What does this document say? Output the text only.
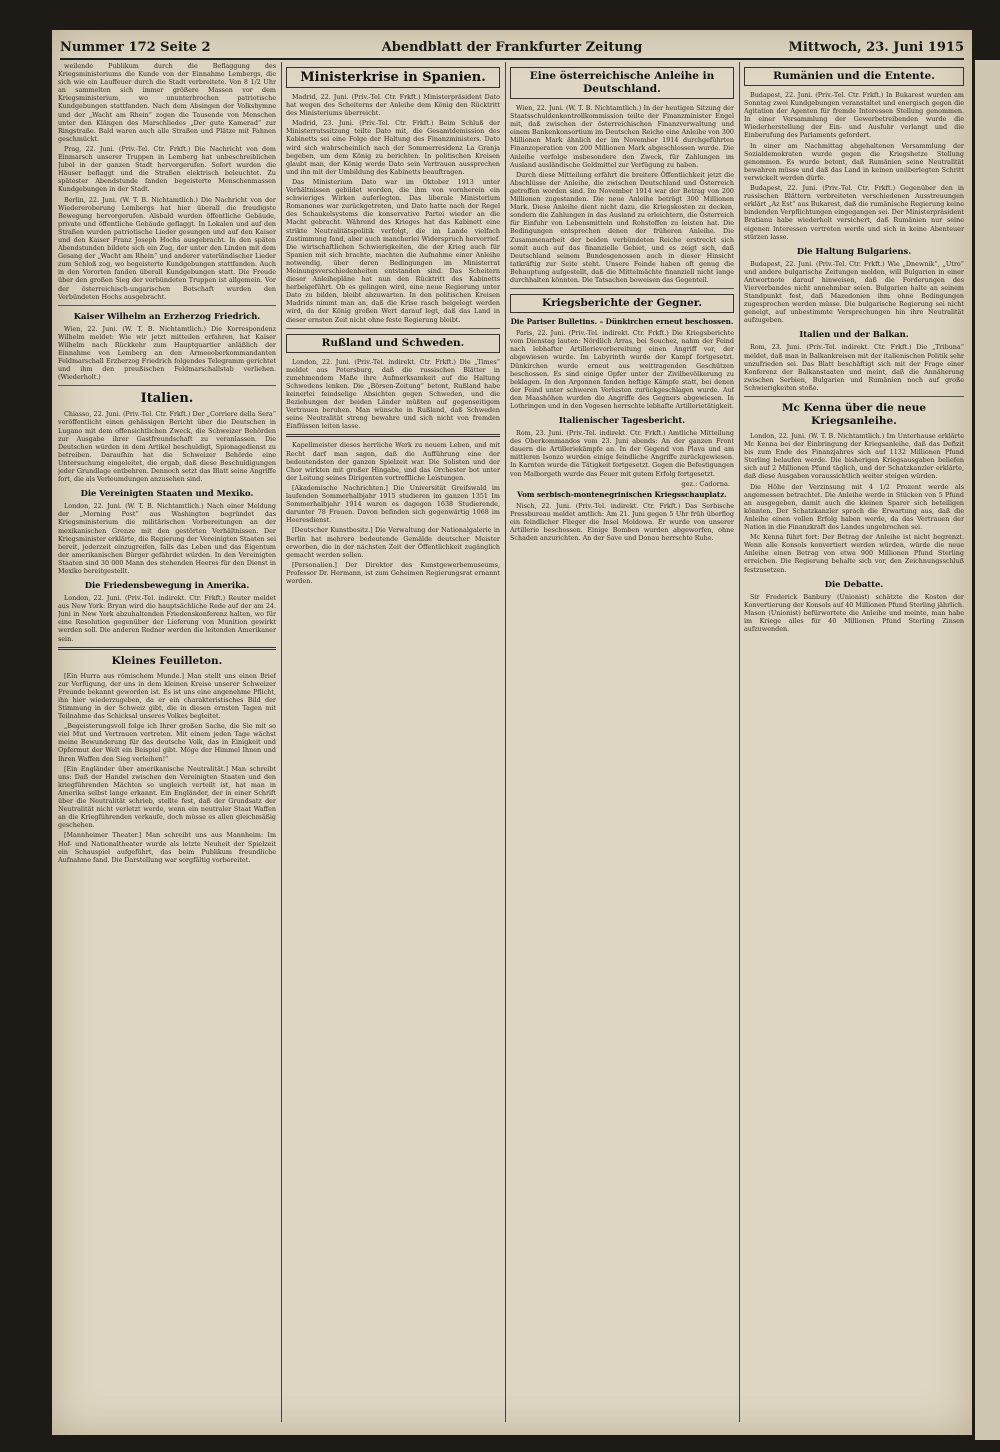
Nummer 172 Seite 2	Abendblatt der Frankfurter Zeitung	Mittwoch, 23. Juni 1915

weilende Publikum durch die Beflaggung des Kriegsministeriums die Kunde von der Einnahme Lembergs, die sich wie ein Lauffeuer durch die Stadt verbreitete. Von 8 1/2 Uhr an sammelten sich immer größere Massen vor dem Kriegsministerium, wo ununterbrochen patriotische Kundgebungen stattfanden. Nach dem Absingen der Volkshymne und der „Wacht am Rhein“ zogen die Tausende von Menschen unter den Klängen des Marschliedes „Der gute Kamerad“ zur Ringstraße. Bald waren auch alle Straßen und Plätze mit Fahnen geschmückt.

Prag, 22. Juni. (Priv.-Tel. Ctr. Frkft.) Die Nachricht von dem Einmarsch unserer Truppen in Lemberg hat unbeschreiblichen Jubel in der ganzen Stadt hervorgerufen. Sofort wurden die Häuser beflaggt und die Straßen elektrisch beleuchtet. Zu spätester Abendstunde fanden begeisterte Menschenmassen Kundgebungen in der Stadt.

Berlin, 22. Juni. (W. T. B. Nichtamtlich.) Die Nachricht von der Wiedereroberung Lembergs hat hier überall die freudigste Bewegung hervorgerufen. Alsbald wurden öffentliche Gebäude, private und öffentliche Gebäude geflaggt. In Lokalen und auf den Straßen wurden patriotische Lieder gesungen und auf den Kaiser und den Kaiser Franz Joseph Hochs ausgebracht. In den späten Abendstunden bildete sich ein Zug, der unter den Linden mit dem Gesang der „Wacht am Rhein“ und anderer vaterländischer Lieder zum Schloß zog, wo begeisterte Kundgebungen stattfanden. Auch in den Vororten fanden überall Kundgebungen statt. Die Freude über den großen Sieg der verbündeten Truppen ist allgemein. Vor der österreichisch-ungarischen Botschaft wurden den Verbündeten Hochs ausgebracht.

Kaiser Wilhelm an Erzherzog Friedrich.

Wien, 22. Juni. (W. T. B. Nichtamtlich.) Die Korrespondenz Wilhelm meldet: Wie wir jetzt mitteilen erfahren, hat Kaiser Wilhelm nach Rückkehr zum Hauptquartier anläßlich der Einnahme von Lemberg an den Armeeoberkommandanten Feldmarschall Erzherzog Friedrich folgendes Telegramm gerichtet und ihm den preußischen Feldmarschallstab verliehen. (Wiederholt.)

Italien.

Chiasso, 22. Juni. (Priv.-Tel. Ctr. Frkft.) Der „Corriere della Sera“ veröffentlicht einen gehässigen Bericht über die Deutschen in Lugano mit dem offensichtlichen Zweck, die Schweizer Behörden zur Ausgabe ihrer Gastfreundschaft zu veranlassen. Die Deutschen würden in dem Artikel beschuldigt, Spionagedienst zu betreiben. Daraufhin hat die Schweizer Behörde eine Untersuchung eingeleitet, die ergab, daß diese Beschuldigungen jeder Grundlage entbehren. Dennoch setzt das Blatt seine Angriffe fort, die als Verleumdungen anzusehen sind.

Die Vereinigten Staaten und Mexiko.

London, 22. Juni. (W. T. B. Nichtamtlich.) Nach einer Meldung der „Morning Post“ aus Washington begründet das Kriegsministerium die militärischen Vorbereitungen an der mexikanischen Grenze mit den gestörten Verhältnissen. Der Kriegsminister erklärte, die Regierung der Vereinigten Staaten sei bereit, jederzeit einzugreifen, falls das Leben und das Eigentum der amerikanischen Bürger gefährdet würden. In den Vereinigten Staaten sind 30 000 Mann des stehenden Heeres für den Dienst in Mexiko bereitgestellt.

Die Friedensbewegung in Amerika.

London, 22. Juni. (Priv.-Tel. indirekt. Ctr. Frkft.) Reuter meldet aus New York: Bryan wird die hauptsächliche Rede auf der am 24. Juni in New York abzuhaltenden Friedenskonferenz halten, wo für eine Resolution gegenüber der Lieferung von Munition gewirkt werden soll. Die anderen Redner werden die leitenden Amerikaner sein.

Kleines Feuilleton.

[Ein Hurra aus römischem Munde.] Man stellt uns einen Brief zur Verfügung, der uns in dem kleinen Kreise unserer Schweizer Freunde bekannt geworden ist. Es ist uns eine angenehme Pflicht, ihn hier wiederzugeben, da er ein charakteristisches Bild der Stimmung in der Schweiz gibt, die in diesen ernsten Tagen mit Teilnahme das Schicksal unseres Volkes begleitet.

„Begeisterungsvoll folge ich Ihrer großen Sache, die Sie mit so viel Mut und Vertrauen vertreten. Mit einem jeden Tage wächst meine Bewunderung für das deutsche Volk, das in Einigkeit und Opfermut der Welt ein Beispiel gibt. Möge der Himmel Ihnen und Ihren Waffen den Sieg verleihen!“

[Ein Engländer über amerikanische Neutralität.] Man schreibt uns: Daß der Handel zwischen den Vereinigten Staaten und den kriegführenden Mächten so ungleich verteilt ist, hat man in Amerika selbst lange erkannt. Ein Engländer, der in einer Schrift über die Neutralität schrieb, stellte fest, daß der Grundsatz der Neutralität nicht verletzt werde, wenn ein neutraler Staat Waffen an die Kriegführenden verkaufe, doch müsse es allen gleichmäßig geschehen.

[Mannheimer Theater.] Man schreibt uns aus Mannheim: Im Hof- und Nationaltheater wurde als letzte Neuheit der Spielzeit ein Schauspiel aufgeführt, das beim Publikum freundliche Aufnahme fand. Die Darstellung war sorgfältig vorbereitet.

Ministerkrise in Spanien.

Madrid, 22. Juni. (Priv.-Tel. Ctr. Frkft.) Ministerpräsident Dato hat wegen des Scheiterns der Anleihe dem König den Rücktritt des Ministeriums überreicht.

Madrid, 23. Juni. (Priv.-Tel. Ctr. Frkft.) Beim Schluß der Ministerratssitzung teilte Dato mit, die Gesamtdemission des Kabinetts sei eine Folge der Haltung des Finanzministers. Dato wird sich wahrscheinlich nach der Sommerresidenz La Granja begeben, um dem König zu berichten. In politischen Kreisen glaubt man, der König werde Dato sein Vertrauen aussprechen und ihn mit der Umbildung des Kabinetts beauftragen.

Das Ministerium Dato war im Oktober 1913 unter Verhältnissen gebildet worden, die ihm von vornherein ein schwieriges Wirken auferlegten. Das liberale Ministerium Romanones war zurückgetreten, und Dato hatte nach der Regel des Schaukelsystems die konservative Partei wieder an die Macht gebracht. Während des Krieges hat das Kabinett eine strikte Neutralitätspolitik verfolgt, die im Lande vielfach Zustimmung fand, aber auch mancherlei Widerspruch hervorrief. Die wirtschaftlichen Schwierigkeiten, die der Krieg auch für Spanien mit sich brachte, machten die Aufnahme einer Anleihe notwendig, über deren Bedingungen im Ministerrat Meinungsverschiedenheiten entstanden sind. Das Scheitern dieser Anleihepläne hat nun den Rücktritt des Kabinetts herbeigeführt. Ob es gelingen wird, eine neue Regierung unter Dato zu bilden, bleibt abzuwarten. In den politischen Kreisen Madrids nimmt man an, daß die Krise rasch beigelegt werden wird, da der König großen Wert darauf legt, daß das Land in dieser ernsten Zeit nicht ohne feste Regierung bleibt.

Rußland und Schweden.

London, 22. Juni. (Priv.-Tel. indirekt. Ctr. Frkft.) Die „Times“ meldet aus Petersburg, daß die russischen Blätter in zunehmendem Maße ihre Aufmerksamkeit auf die Haltung Schwedens lenken. Die „Börsen-Zeitung“ betont, Rußland habe keinerlei feindselige Absichten gegen Schweden, und die Beziehungen der beiden Länder müßten auf gegenseitigem Vertrauen beruhen. Man wünsche in Rußland, daß Schweden seine Neutralität streng bewahre und sich nicht von fremden Einflüssen leiten lasse.

Kapellmeister dieses herrliche Werk zu neuem Leben, und mit Recht darf man sagen, daß die Aufführung eine der bedeutendsten der ganzen Spielzeit war. Die Solisten und der Chor wirkten mit großer Hingabe, und das Orchester bot unter der Leitung seines Dirigenten vortreffliche Leistungen.

[Akademische Nachrichten.] Die Universität Greifswald im laufenden Sommerhalbjahr 1915 studieren im ganzen 1351 Im Sommerhalbjahr 1914 waren es dagegen 1638 Studierende, darunter 78 Frauen. Davon befinden sich gegenwärtig 1068 im Heeresdienst.

[Deutscher Kunstbesitz.] Die Verwaltung der Nationalgalerie in Berlin hat mehrere bedeutende Gemälde deutscher Meister erworben, die in der nächsten Zeit der Öffentlichkeit zugänglich gemacht werden sollen.

[Personalien.] Der Direktor des Kunstgewerbemuseums, Professor Dr. Hermann, ist zum Geheimen Regierungsrat ernannt worden.

Eine österreichische Anleihe in Deutschland.

Wien, 22. Juni. (W. T. B. Nichtamtlich.) In der heutigen Sitzung der Staatsschuldenkontrollkommission teilte der Finanzminister Engel mit, daß zwischen der österreichischen Finanzverwaltung und einem Bankenkonsortium im Deutschen Reiche eine Anleihe von 300 Millionen Mark ähnlich der im November 1914 durchgeführten Finanzoperation von 200 Millionen Mark abgeschlossen wurde. Die Anleihe verfolge insbesondere den Zweck, für Zahlungen im Ausland ausländische Geldmittel zur Verfügung zu haben.

Durch diese Mitteilung erfährt die breitere Öffentlichkeit jetzt die Abschlüsse der Anleihe, die zwischen Deutschland und Österreich getroffen worden sind. Im November 1914 war der Betrag von 200 Millionen zugestanden. Die neue Anleihe beträgt 300 Millionen Mark. Diese Anleihe dient nicht dazu, die Kriegskosten zu decken, sondern die Zahlungen in das Ausland zu erleichtern, die Österreich für Einfuhr von Lebensmitteln und Rohstoffen zu leisten hat. Die Bedingungen entsprechen denen der früheren Anleihe. Die Zusammenarbeit der beiden verbündeten Reiche erstreckt sich somit auch auf das finanzielle Gebiet, und es zeigt sich, daß Deutschland seinem Bundesgenossen auch in dieser Hinsicht tatkräftig zur Seite steht. Unsere Feinde haben oft genug die Behauptung aufgestellt, daß die Mittelmächte finanziell nicht lange durchhalten könnten. Die Tatsachen beweisen das Gegenteil.

Kriegsberichte der Gegner.
Die Pariser Bulletins. – Dünkirchen erneut beschossen.

Paris, 22. Juni. (Priv.-Tel. indirekt. Ctr. Frkft.) Die Kriegsberichte vom Dienstag lauten: Nördlich Arras, bei Souchez, nahm der Feind nach lebhafter Artillerievorbereitung einen Angriff vor, der abgewiesen wurde. Im Labyrinth wurde der Kampf fortgesetzt. Dünkirchen wurde erneut aus weittragenden Geschützen beschossen. Es sind einige Opfer unter der Zivilbevölkerung zu beklagen. In den Argonnen fanden heftige Kämpfe statt, bei denen der Feind unter schweren Verlusten zurückgeschlagen wurde. Auf den Maashöhen wurden die Angriffe des Gegners abgewiesen. In Lothringen und in den Vogesen herrschte lebhafte Artillerietätigkeit.

Italienischer Tagesbericht.

Rom, 23. Juni. (Priv.-Tel. indirekt. Ctr. Frkft.) Amtliche Mitteilung des Oberkommandos vom 23. Juni abends: An der ganzen Front dauern die Artilleriekämpfe an. In der Gegend von Plava und am mittleren Isonzo wurden einige feindliche Angriffe zurückgewiesen. In Karnten wurde die Tätigkeit fortgesetzt. Gegen die Befestigungen von Malborgeth wurde das Feuer mit gutem Erfolg fortgesetzt.

gez.: Cadorna.
Vom serbisch-montenegrinischen Kriegsschauplatz.

Nisch, 22. Juni. (Priv.-Tel. indirekt. Ctr. Frkft.) Das Serbische Pressbureau meldet amtlich: Am 21. Juni gegen 5 Uhr früh überflog ein feindlicher Flieger die Insel Moldowa. Er wurde von unserer Artillerie beschossen. Einige Bomben wurden abgeworfen, ohne Schaden anzurichten. An der Save und Donau herrschte Ruhe.

Rumänien und die Entente.

Budapest, 22. Juni. (Priv.-Tel. Ctr. Frkft.) In Bukarest wurden am Sonntag zwei Kundgebungen veranstaltet und energisch gegen die Agitation der Agenten für fremde Interessen Stellung genommen. In einer Versammlung der Gewerbetreibenden wurde die Wiederherstellung der Ein- und Ausfuhr verlangt und die Einberufung des Parlaments gefordert.

In einer am Nachmittag abgehaltenen Versammlung der Sozialdemokraten wurde gegen die Kriegshetze Stellung genommen. Es wurde betont, daß Rumänien seine Neutralität bewahren müsse und daß das Land in keinen unüberlegten Schritt verwickelt werden dürfe.

Budapest, 22. Juni. (Priv.-Tel. Ctr. Frkft.) Gegenüber den in russischen Blättern verbreiteten verschiedenen Ausstreuungen erklärt „Az Est“ aus Bukarest, daß die rumänische Regierung keine bindenden Verpflichtungen eingegangen sei. Der Ministerpräsident Bratianu habe wiederholt versichert, daß Rumänien nur seine eigenen Interessen vertreten werde und sich in keine Abenteuer stürzen lasse.

Die Haltung Bulgariens.

Budapest, 22. Juni. (Priv.-Tel. Ctr. Frkft.) Wie „Dnewnik“, „Utro“ und andere bulgarische Zeitungen melden, will Bulgarien in einer Antwortnote darauf hinweisen, daß die Forderungen des Vierverbandes nicht annehmbar seien. Bulgarien halte an seinem Standpunkt fest, daß Mazedonien ihm ohne Bedingungen zugesprochen werden müsse. Die bulgarische Regierung sei nicht geneigt, auf unbestimmte Versprechungen hin ihre Neutralität aufzugeben.

Italien und der Balkan.

Rom, 23. Juni. (Priv.-Tel. indirekt. Ctr. Frkft.) Die „Tribuna“ meldet, daß man in Balkankreisen mit der italienischen Politik sehr unzufrieden sei. Das Blatt beschäftigt sich mit der Frage einer Konferenz der Balkanstaaten und meint, daß die Annäherung zwischen Serbien, Bulgarien und Rumänien noch auf große Schwierigkeiten stoße.

Mc Kenna über die neue Kriegsanleihe.

London, 22. Juni. (W. T. B. Nichtamtlich.) Im Unterhause erklärte Mc Kenna bei der Einbringung der Kriegsanleihe, daß das Defizit bis zum Ende des Finanzjahres sich auf 1132 Millionen Pfund Sterling belaufen werde. Die bisherigen Kriegsausgaben beliefen sich auf 2 Millionen Pfund täglich, und der Schatzkanzler erklärte, daß diese Ausgaben voraussichtlich weiter steigen würden.

Die Höhe der Verzinsung mit 4 1/2 Prozent werde als angemessen betrachtet. Die Anleihe werde in Stücken von 5 Pfund an ausgegeben, damit auch die kleinen Sparer sich beteiligen könnten. Der Schatzkanzler sprach die Erwartung aus, daß die Anleihe einen vollen Erfolg haben werde, da das Vertrauen der Nation in die Finanzkraft des Landes ungebrochen sei.

Mc Kenna führt fort: Der Betrag der Anleihe ist nicht begrenzt. Wenn alle Konsols konvertiert werden würden, würde die neue Anleihe einen Betrag von etwa 900 Millionen Pfund Sterling erreichen. Die Regierung behalte sich vor, den Zeichnungsschluß festzusetzen.

Die Debatte.

Sir Frederick Banbury (Unionist) schätzte die Kosten der Konvertierung der Konsols auf 40 Millionen Pfund Sterling jährlich. Mason (Unionist) befürwortete die Anleihe und meinte, man habe im Kriege alles für 40 Millionen Pfund Sterling Zinsen aufzuwenden.
